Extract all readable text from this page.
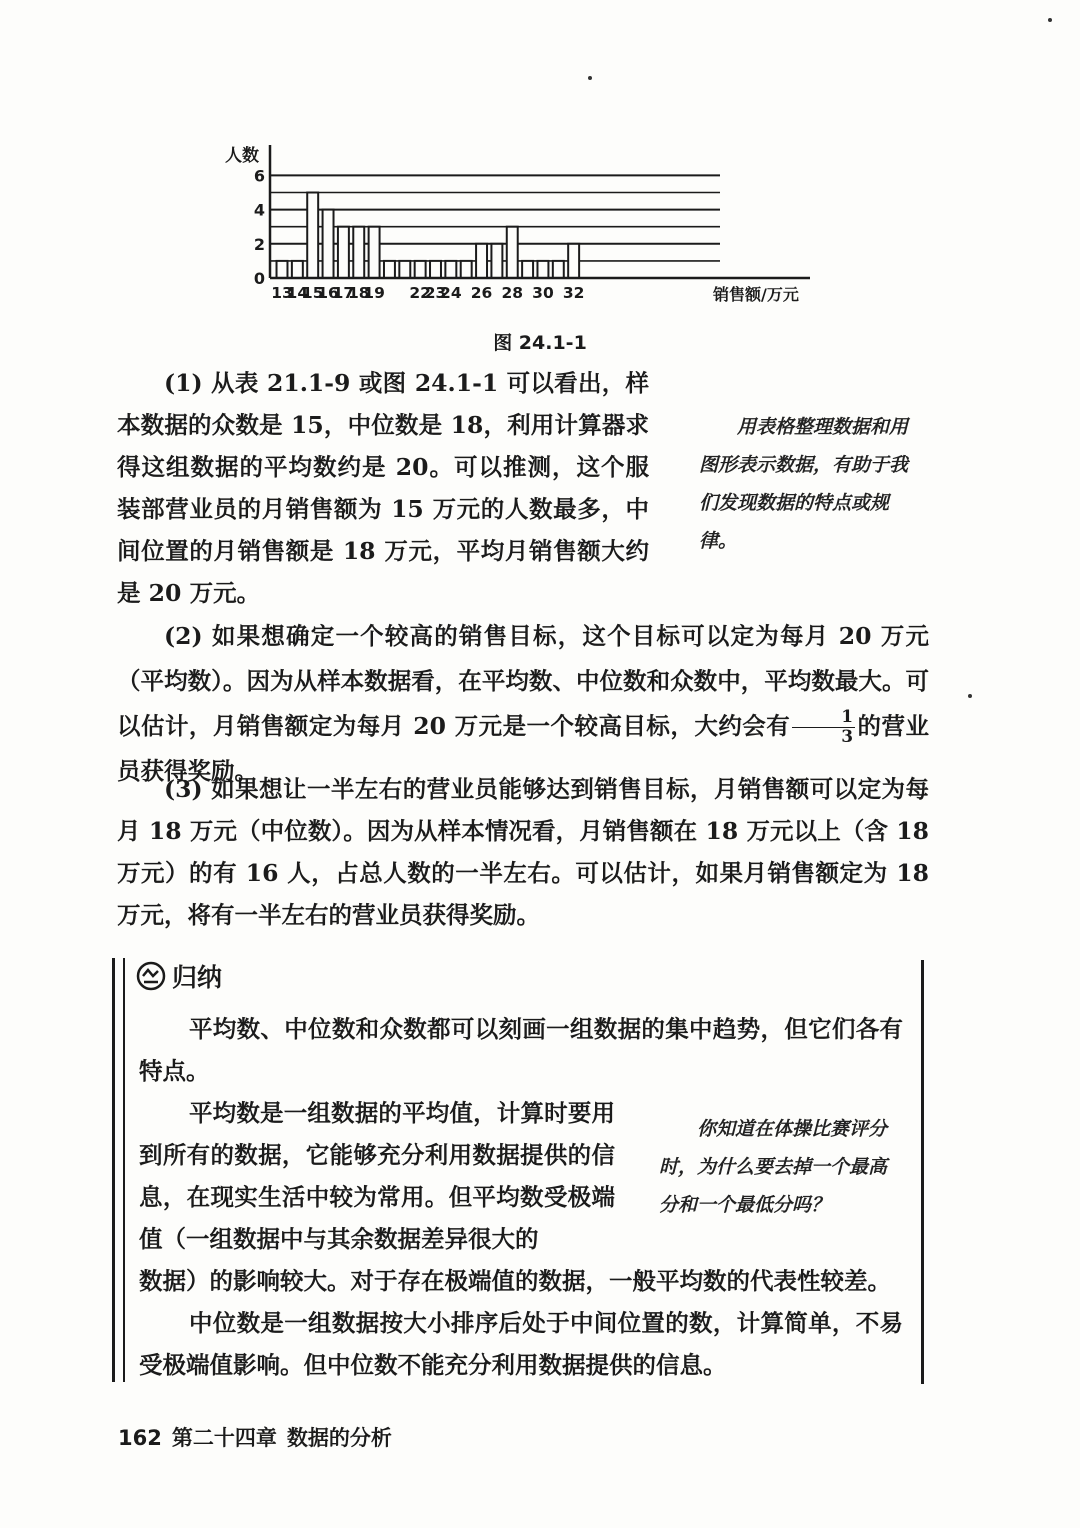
人数
0
2
4
6
13
14
15
16
17
18
19 22
23
24 26 28 30 32	销售额/万元
图 24.1-1

(1) 从表 21.1-9 或图 24.1-1 可以看出，样本数据的众数是 15，中位数是 18，利用计算器求得这组数据的平均数约是 20。可以推测，这个服装部营业员的月销售额为 15 万元的人数最多，中间位置的月销售额是 18 万元，平均月销售额大约是 20 万元。

用表格整理数据和用图形表示数据，有助于我们发现数据的特点或规律。

(2) 如果想确定一个较高的销售目标，这个目标可以定为每月 20 万元（平均数）。因为从样本数据看，在平均数、中位数和众数中，平均数最大。可以估计，月销售额定为每月 20 万元是一个较高目标，大约会有 $\frac{1}{3}$ 的营业员获得奖励。

(3) 如果想让一半左右的营业员能够达到销售目标，月销售额可以定为每月 18 万元（中位数）。因为从样本情况看，月销售额在 18 万元以上（含 18 万元）的有 16 人，占总人数的一半左右。可以估计，如果月销售额定为 18 万元，将有一半左右的营业员获得奖励。

归纳

平均数、中位数和众数都可以刻画一组数据的集中趋势，但它们各有特点。

平均数是一组数据的平均值，计算时要用到所有的数据，它能够充分利用数据提供的信息，在现实生活中较为常用。但平均数受极端值（一组数据中与其余数据差异很大的

你知道在体操比赛评分时，为什么要去掉一个最高分和一个最低分吗？

数据）的影响较大。对于存在极端值的数据，一般平均数的代表性较差。

中位数是一组数据按大小排序后处于中间位置的数，计算简单，不易受极端值影响。但中位数不能充分利用数据提供的信息。

162 第二十四章 数据的分析
